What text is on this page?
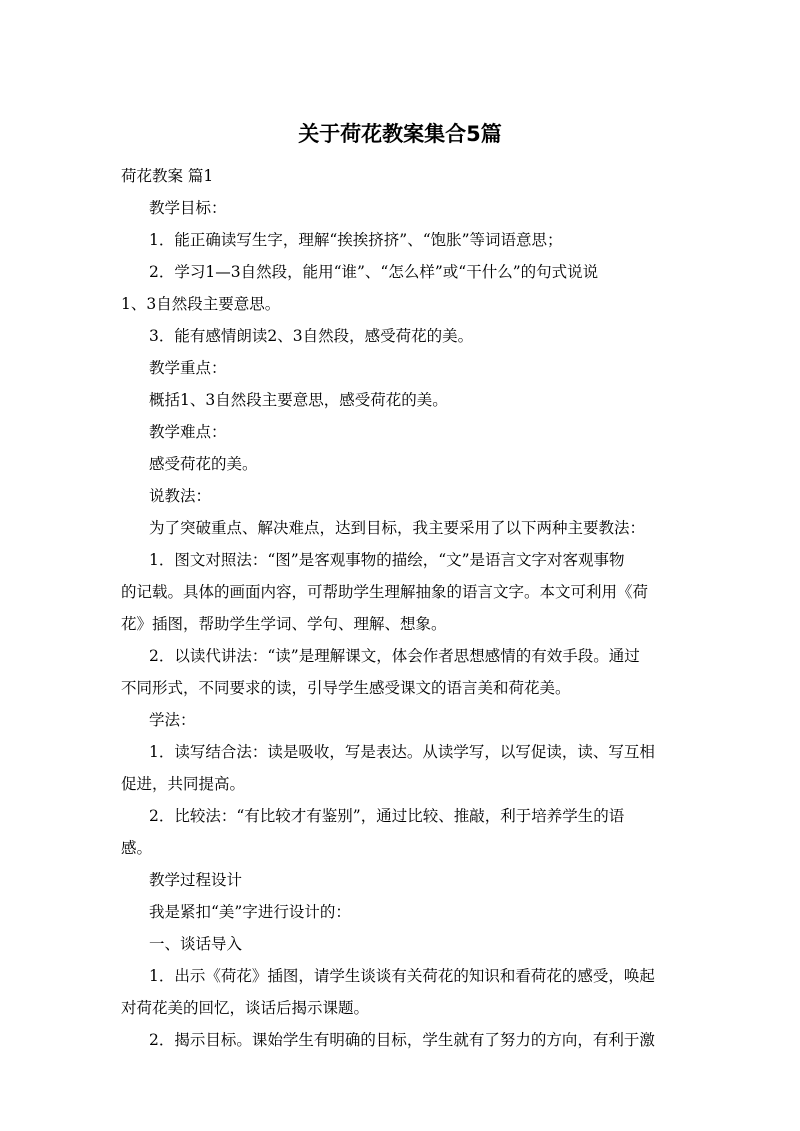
关于荷花教案集合5篇

荷花教案 篇1

教学目标：

1．能正确读写生字，理解“挨挨挤挤”、“饱胀”等词语意思；

2．学习1—3自然段，能用“谁”、“怎么样”或“干什么”的句式说说

1、3自然段主要意思。

3．能有感情朗读2、3自然段，感受荷花的美。

教学重点：

概括1、3自然段主要意思，感受荷花的美。

教学难点：

感受荷花的美。

说教法：

为了突破重点、解决难点，达到目标，我主要采用了以下两种主要教法：

1．图文对照法：“图”是客观事物的描绘，“文”是语言文字对客观事物

的记载。具体的画面内容，可帮助学生理解抽象的语言文字。本文可利用《荷

花》插图，帮助学生学词、学句、理解、想象。

2．以读代讲法：“读”是理解课文，体会作者思想感情的有效手段。通过

不同形式，不同要求的读，引导学生感受课文的语言美和荷花美。

学法：

1．读写结合法：读是吸收，写是表达。从读学写，以写促读，读、写互相

促进，共同提高。

2．比较法：“有比较才有鉴别”，通过比较、推敲，利于培养学生的语

感。

教学过程设计

我是紧扣“美”字进行设计的：

一、谈话导入

1．出示《荷花》插图，请学生谈谈有关荷花的知识和看荷花的感受，唤起

对荷花美的回忆，谈话后揭示课题。

2．揭示目标。课始学生有明确的目标，学生就有了努力的方向，有利于激
